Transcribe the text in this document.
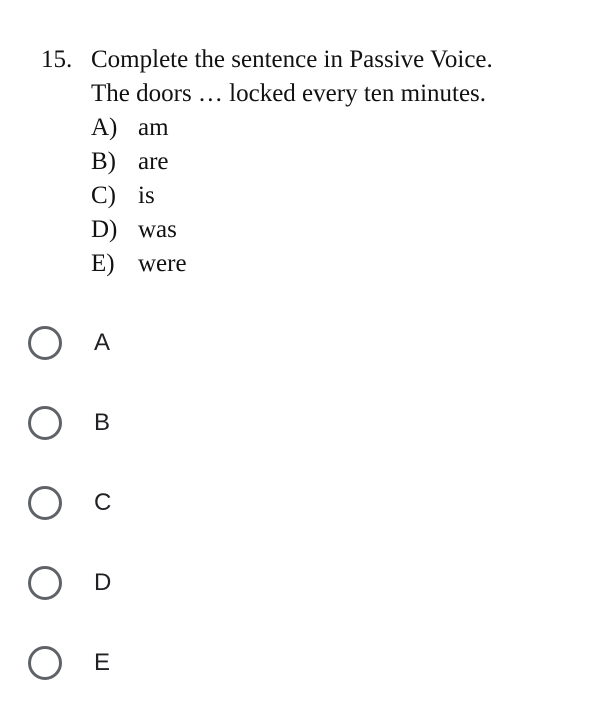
15. Complete the sentence in Passive Voice.
The doors … locked every ten minutes.
A) am
B) are
C) is
D) was
E) were
A
B
C
D
E
